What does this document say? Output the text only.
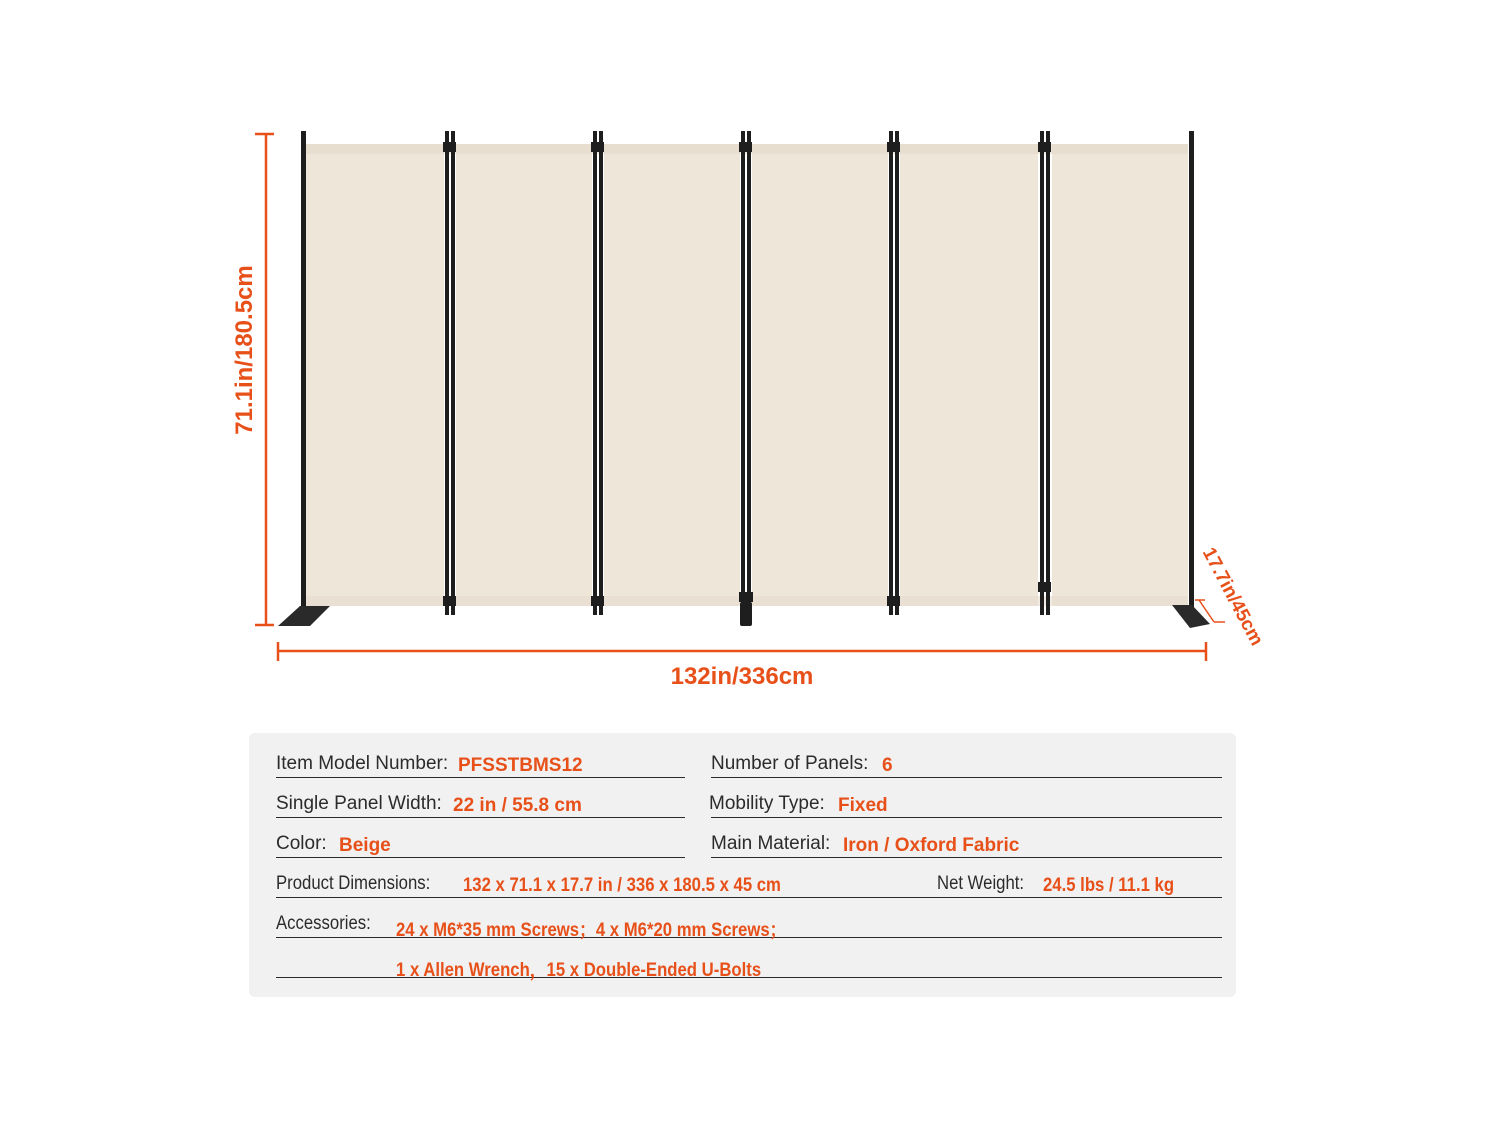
71.1in/180.5cm
132in/336cm
17.7in/45cm
Item Model Number: PFSSTBMS12	Number of Panels: 6
Single Panel Width: 22 in / 55.8 cm	Mobility Type: Fixed
Color: Beige	Main Material: Iron / Oxford Fabric
Product Dimensions: 132 x 71.1 x 17.7 in / 336 x 180.5 x 45 cm	Net Weight: 24.5 lbs / 11.1 kg
Accessories: 24 x M6*35 mm Screws；4 x M6*20 mm Screws；
1 x Allen Wrench，15 x Double-Ended U-Bolts
